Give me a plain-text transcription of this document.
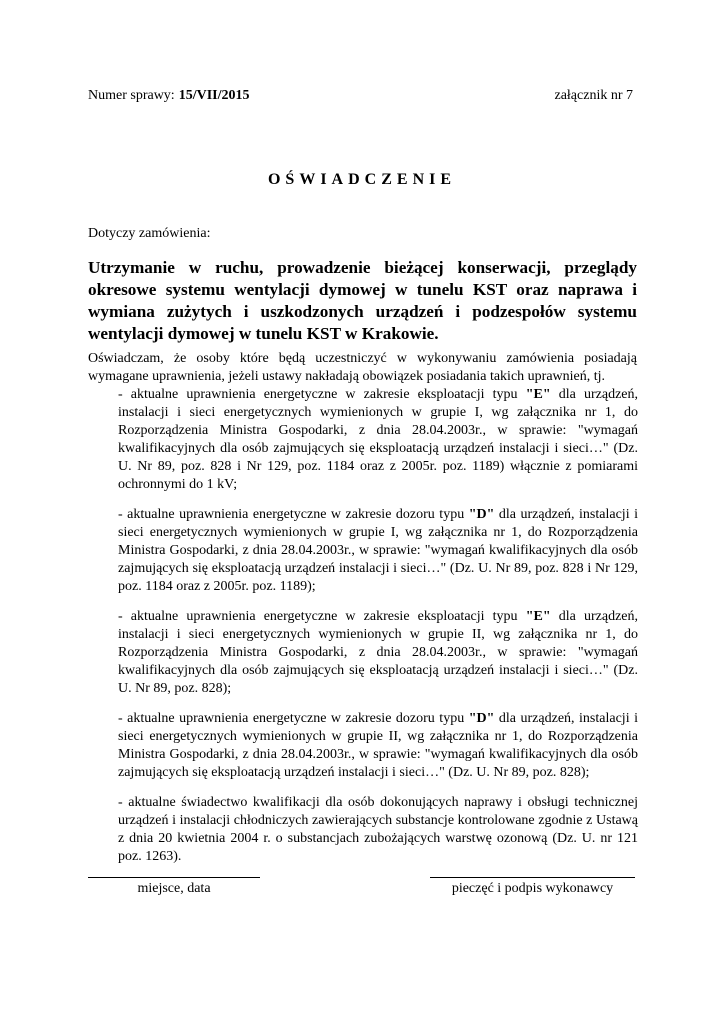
Numer sprawy: 15/VII/2015	załącznik nr 7
OŚWIADCZENIE
Dotyczy zamówienia:
Utrzymanie w ruchu, prowadzenie bieżącej konserwacji, przeglądy okresowe systemu wentylacji dymowej w tunelu KST oraz naprawa i wymiana zużytych i uszkodzonych urządzeń i podzespołów systemu wentylacji dymowej w tunelu KST w Krakowie.
Oświadczam, że osoby które będą uczestniczyć w wykonywaniu zamówienia posiadają wymagane uprawnienia, jeżeli ustawy nakładają obowiązek posiadania takich uprawnień, tj.
- aktualne uprawnienia energetyczne w zakresie eksploatacji typu "E" dla urządzeń, instalacji i sieci energetycznych wymienionych w grupie I, wg załącznika nr 1, do Rozporządzenia Ministra Gospodarki, z dnia 28.04.2003r., w sprawie: "wymagań kwalifikacyjnych dla osób zajmujących się eksploatacją urządzeń instalacji i sieci…" (Dz. U. Nr 89, poz. 828 i Nr 129, poz. 1184 oraz z 2005r. poz. 1189) włącznie z pomiarami ochronnymi do 1 kV;
- aktualne uprawnienia energetyczne w zakresie dozoru typu "D" dla urządzeń, instalacji i sieci energetycznych wymienionych w grupie I, wg załącznika nr 1, do Rozporządzenia Ministra Gospodarki, z dnia 28.04.2003r., w sprawie: "wymagań kwalifikacyjnych dla osób zajmujących się eksploatacją urządzeń instalacji i sieci…" (Dz. U. Nr 89, poz. 828 i Nr 129, poz. 1184 oraz z 2005r. poz. 1189);
- aktualne uprawnienia energetyczne w zakresie eksploatacji typu "E" dla urządzeń, instalacji i sieci energetycznych wymienionych w grupie II, wg załącznika nr 1, do Rozporządzenia Ministra Gospodarki, z dnia 28.04.2003r., w sprawie: "wymagań kwalifikacyjnych dla osób zajmujących się eksploatacją urządzeń instalacji i sieci…" (Dz. U. Nr 89, poz. 828);
- aktualne uprawnienia energetyczne w zakresie dozoru typu "D" dla urządzeń, instalacji i sieci energetycznych wymienionych w grupie II, wg załącznika nr 1, do Rozporządzenia Ministra Gospodarki, z dnia 28.04.2003r., w sprawie: "wymagań kwalifikacyjnych dla osób zajmujących się eksploatacją urządzeń instalacji i sieci…" (Dz. U. Nr 89, poz. 828);
- aktualne świadectwo kwalifikacji dla osób dokonujących naprawy i obsługi technicznej urządzeń i instalacji chłodniczych zawierających substancje kontrolowane zgodnie z Ustawą z dnia 20 kwietnia 2004 r. o substancjach zubożających warstwę ozonową (Dz. U. nr 121 poz. 1263).
miejsce, data	pieczęć i podpis wykonawcy
